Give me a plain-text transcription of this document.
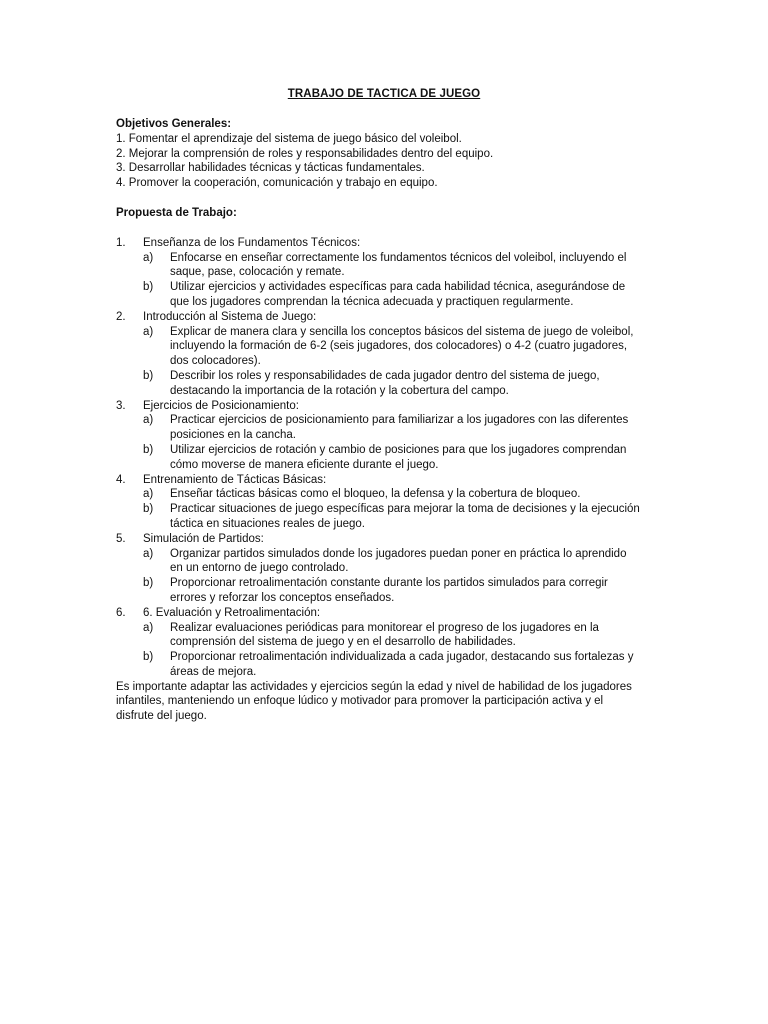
TRABAJO DE TACTICA DE JUEGO
Objetivos Generales:
1. Fomentar el aprendizaje del sistema de juego básico del voleibol.
2. Mejorar la comprensión de roles y responsabilidades dentro del equipo.
3. Desarrollar habilidades técnicas y tácticas fundamentales.
4. Promover la cooperación, comunicación y trabajo en equipo.
Propuesta de Trabajo:
1. Enseñanza de los Fundamentos Técnicos:
a) Enfocarse en enseñar correctamente los fundamentos técnicos del voleibol, incluyendo el
saque, pase, colocación y remate.
b) Utilizar ejercicios y actividades específicas para cada habilidad técnica, asegurándose de
que los jugadores comprendan la técnica adecuada y practiquen regularmente.
2. Introducción al Sistema de Juego:
a) Explicar de manera clara y sencilla los conceptos básicos del sistema de juego de voleibol,
incluyendo la formación de 6-2 (seis jugadores, dos colocadores) o 4-2 (cuatro jugadores,
dos colocadores).
b) Describir los roles y responsabilidades de cada jugador dentro del sistema de juego,
destacando la importancia de la rotación y la cobertura del campo.
3. Ejercicios de Posicionamiento:
a) Practicar ejercicios de posicionamiento para familiarizar a los jugadores con las diferentes
posiciones en la cancha.
b) Utilizar ejercicios de rotación y cambio de posiciones para que los jugadores comprendan
cómo moverse de manera eficiente durante el juego.
4. Entrenamiento de Tácticas Básicas:
a) Enseñar tácticas básicas como el bloqueo, la defensa y la cobertura de bloqueo.
b) Practicar situaciones de juego específicas para mejorar la toma de decisiones y la ejecución
táctica en situaciones reales de juego.
5. Simulación de Partidos:
a) Organizar partidos simulados donde los jugadores puedan poner en práctica lo aprendido
en un entorno de juego controlado.
b) Proporcionar retroalimentación constante durante los partidos simulados para corregir
errores y reforzar los conceptos enseñados.
6. 6. Evaluación y Retroalimentación:
a) Realizar evaluaciones periódicas para monitorear el progreso de los jugadores en la
comprensión del sistema de juego y en el desarrollo de habilidades.
b) Proporcionar retroalimentación individualizada a cada jugador, destacando sus fortalezas y
áreas de mejora.
Es importante adaptar las actividades y ejercicios según la edad y nivel de habilidad de los jugadores
infantiles, manteniendo un enfoque lúdico y motivador para promover la participación activa y el
disfrute del juego.
